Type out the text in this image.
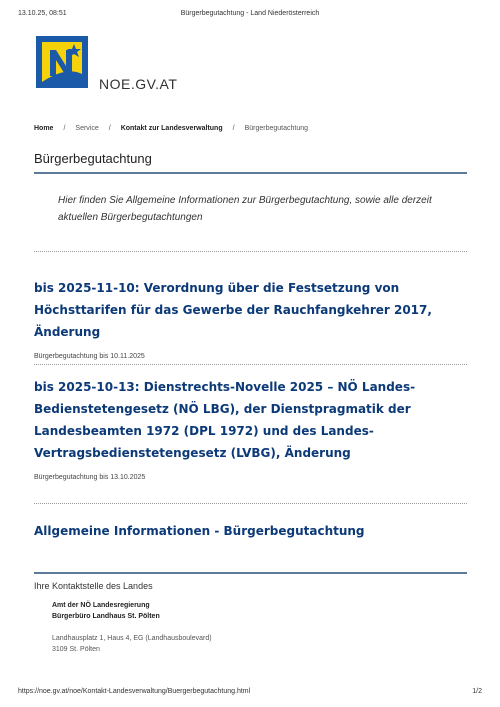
13.10.25, 08:51	Bürgerbegutachtung - Land Niederösterreich
NOE.GV.AT
Home / Service / Kontakt zur Landesverwaltung / Bürgerbegutachtung
Bürgerbegutachtung

Hier finden Sie Allgemeine Informationen zur Bürgerbegutachtung, sowie alle derzeit aktuellen Bürgerbegutachtungen

bis 2025-11-10: Verordnung über die Festsetzung von Höchsttarifen für das Gewerbe der Rauchfangkehrer 2017, Änderung
Bürgerbegutachtung bis 10.11.2025
bis 2025-10-13: Dienstrechts-Novelle 2025 – NÖ Landes-Bedienstetengesetz (NÖ LBG), der Dienstpragmatik der Landesbeamten 1972 (DPL 1972) und des Landes-Vertragsbedienstetengesetz (LVBG), Änderung
Bürgerbegutachtung bis 13.10.2025
Allgemeine Informationen - Bürgerbegutachtung
Ihre Kontaktstelle des Landes
Amt der NÖ Landesregierung
Bürgerbüro Landhaus St. Pölten
Landhausplatz 1, Haus 4, EG (Landhausboulevard)
3109 St. Pölten
https://noe.gv.at/noe/Kontakt-Landesverwaltung/Buergerbegutachtung.html	1/2
